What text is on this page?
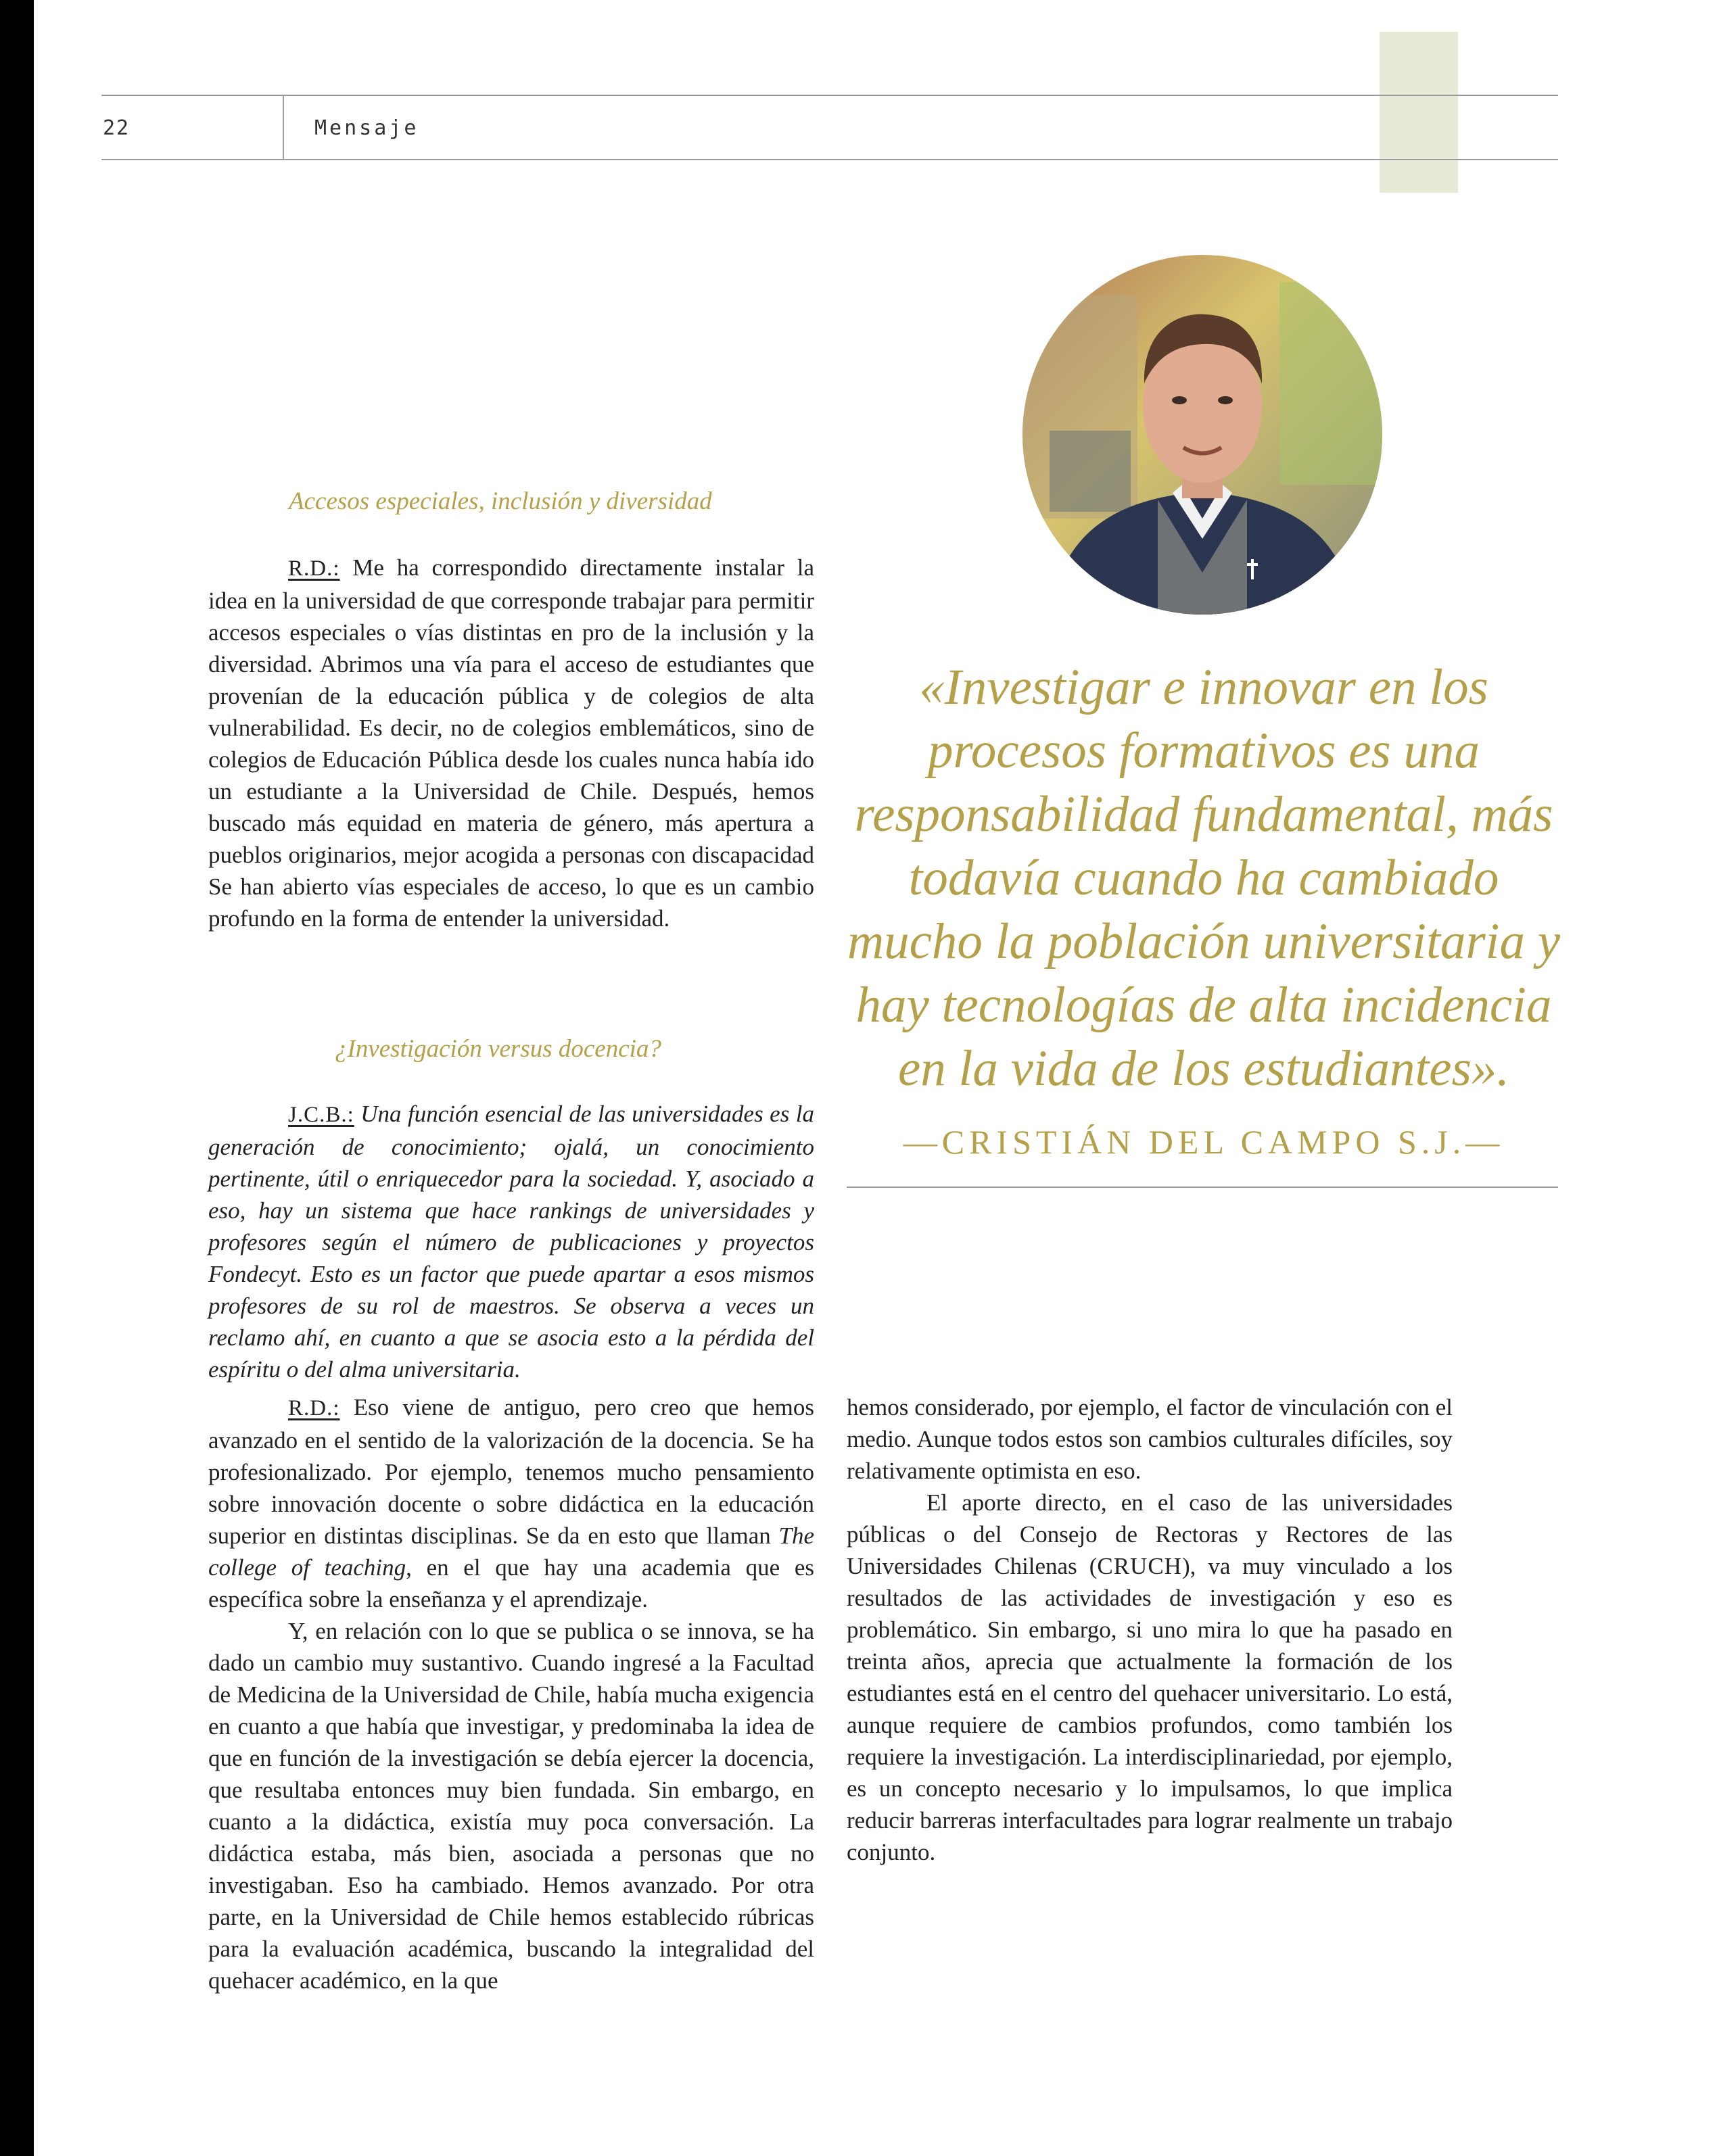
22	Mensaje
Accesos especiales, inclusión y diversidad
R.D.: Me ha correspondido directamente instalar la idea en la universidad de que corresponde trabajar para permitir accesos especiales o vías distintas en pro de la inclusión y la diversidad. Abrimos una vía para el acceso de estudiantes que provenían de la educación pública y de colegios de alta vulnerabilidad. Es decir, no de colegios emblemáticos, sino de colegios de Educación Pública desde los cuales nunca había ido un estudiante a la Universidad de Chile. Después, hemos buscado más equidad en materia de género, más apertura a pueblos originarios, mejor acogida a personas con discapacidad Se han abierto vías especiales de acceso, lo que es un cambio profundo en la forma de entender la universidad.
¿Investigación versus docencia?
J.C.B.: Una función esencial de las universidades es la generación de conocimiento; ojalá, un conocimiento pertinente, útil o enriquecedor para la sociedad. Y, asociado a eso, hay un sistema que hace rankings de universidades y profesores según el número de publicaciones y proyectos Fondecyt. Esto es un factor que puede apartar a esos mismos profesores de su rol de maestros. Se observa a veces un reclamo ahí, en cuanto a que se asocia esto a la pérdida del espíritu o del alma universitaria.

R.D.: Eso viene de antiguo, pero creo que hemos avanzado en el sentido de la valorización de la docencia. Se ha profesionalizado. Por ejemplo, tenemos mucho pensamiento sobre innovación docente o sobre didáctica en la educación superior en distintas disciplinas. Se da en esto que llaman The college of teaching, en el que hay una academia que es específica sobre la enseñanza y el aprendizaje.

Y, en relación con lo que se publica o se innova, se ha dado un cambio muy sustantivo. Cuando ingresé a la Facultad de Medicina de la Universidad de Chile, había mucha exigencia en cuanto a que había que investigar, y predominaba la idea de que en función de la investigación se debía ejercer la docencia, que resultaba entonces muy bien fundada. Sin embargo, en cuanto a la didáctica, existía muy poca conversación. La didáctica estaba, más bien, asociada a personas que no investigaban. Eso ha cambiado. Hemos avanzado. Por otra parte, en la Universidad de Chile hemos establecido rúbricas para la evaluación académica, buscando la integralidad del quehacer académico, en la que

hemos considerado, por ejemplo, el factor de vinculación con el medio. Aunque todos estos son cambios culturales difíciles, soy relativamente optimista en eso.

El aporte directo, en el caso de las universidades públicas o del Consejo de Rectoras y Rectores de las Universidades Chilenas (CRUCH), va muy vinculado a los resultados de las actividades de investigación y eso es problemático. Sin embargo, si uno mira lo que ha pasado en treinta años, aprecia que actualmente la formación de los estudiantes está en el centro del quehacer universitario. Lo está, aunque requiere de cambios profundos, como también los requiere la investigación. La interdisciplinariedad, por ejemplo, es un concepto necesario y lo impulsamos, lo que implica reducir barreras interfacultades para lograr realmente un trabajo conjunto.

«Investigar e innovar en los procesos formativos es una responsabilidad fundamental, más todavía cuando ha cambiado mucho la población universitaria y hay tecnologías de alta incidencia en la vida de los estudiantes».
—CRISTIÁN DEL CAMPO S.J.—
